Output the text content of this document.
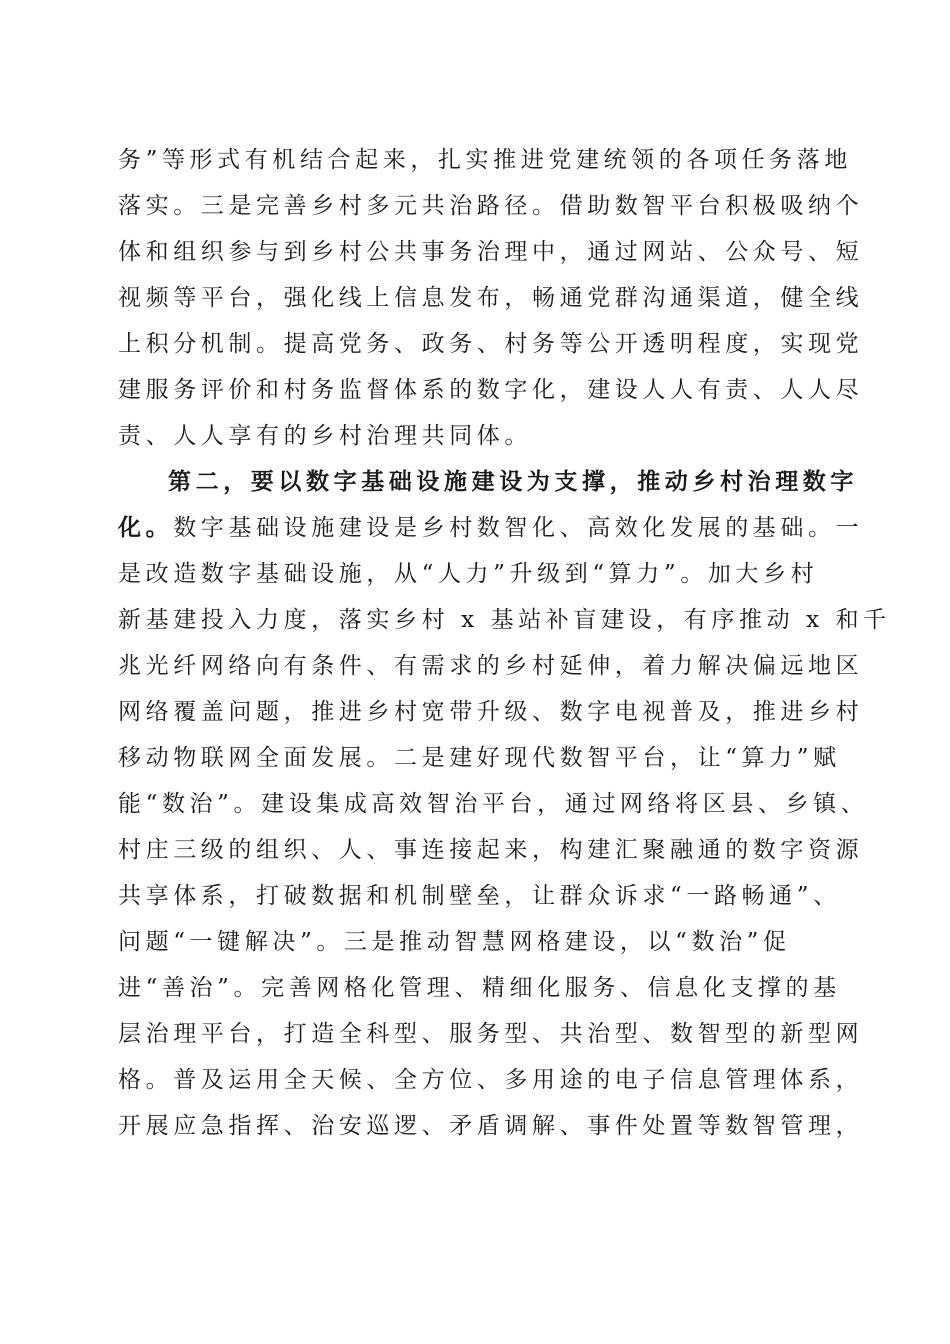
务”等形式有机结合起来，扎实推进党建统领的各项任务落地
落实。三是完善乡村多元共治路径。借助数智平台积极吸纳个
体和组织参与到乡村公共事务治理中，通过网站、公众号、短
视频等平台，强化线上信息发布，畅通党群沟通渠道，健全线
上积分机制。提高党务、政务、村务等公开透明程度，实现党
建服务评价和村务监督体系的数字化，建设人人有责、人人尽
责、人人享有的乡村治理共同体。
第二，要以数字基础设施建设为支撑，推动乡村治理数字
化。数字基础设施建设是乡村数智化、高效化发展的基础。一
是改造数字基础设施，从“人力”升级到“算力”。加大乡村
新基建投入力度，落实乡村 x 基站补盲建设，有序推动 x 和千
兆光纤网络向有条件、有需求的乡村延伸，着力解决偏远地区
网络覆盖问题，推进乡村宽带升级、数字电视普及，推进乡村
移动物联网全面发展。二是建好现代数智平台，让“算力”赋
能“数治”。建设集成高效智治平台，通过网络将区县、乡镇、
村庄三级的组织、人、事连接起来，构建汇聚融通的数字资源
共享体系，打破数据和机制壁垒，让群众诉求“一路畅通”、
问题“一键解决”。三是推动智慧网格建设，以“数治”促
进“善治”。完善网格化管理、精细化服务、信息化支撑的基
层治理平台，打造全科型、服务型、共治型、数智型的新型网
格。普及运用全天候、全方位、多用途的电子信息管理体系，
开展应急指挥、治安巡逻、矛盾调解、事件处置等数智管理，
